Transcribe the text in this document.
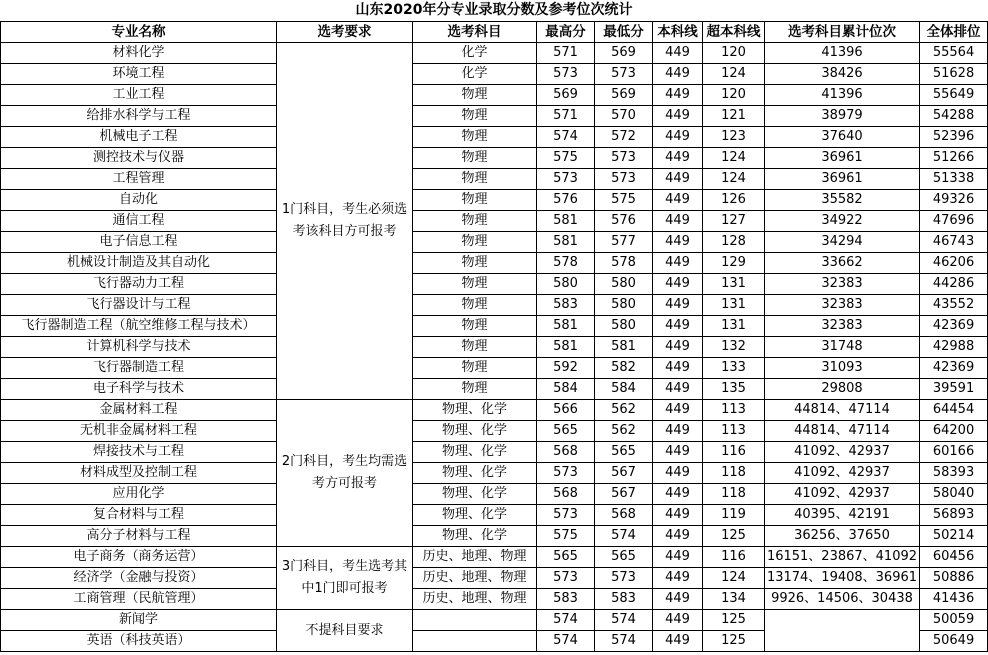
山东2020年分专业录取分数及参考位次统计								
专业名称	选考要求	选考科目	最高分	最低分	本科线	超本科线	选考科目累计位次	全体排位
材料化学	1门科目，考生必须选考该科目方可报考	化学	571	569	449	120	41396	55564
环境工程		化学	573	573	449	124	38426	51628
工业工程		物理	569	569	449	120	41396	55649
给排水科学与工程		物理	571	570	449	121	38979	54288
机械电子工程		物理	574	572	449	123	37640	52396
测控技术与仪器		物理	575	573	449	124	36961	51266
工程管理		物理	573	573	449	124	36961	51338
自动化		物理	576	575	449	126	35582	49326
通信工程		物理	581	576	449	127	34922	47696
电子信息工程		物理	581	577	449	128	34294	46743
机械设计制造及其自动化		物理	578	578	449	129	33662	46206
飞行器动力工程		物理	580	580	449	131	32383	44286
飞行器设计与工程		物理	583	580	449	131	32383	43552
飞行器制造工程（航空维修工程与技术）		物理	581	580	449	131	32383	42369
计算机科学与技术		物理	581	581	449	132	31748	42988
飞行器制造工程		物理	592	582	449	133	31093	42369
电子科学与技术		物理	584	584	449	135	29808	39591
金属材料工程	2门科目，考生均需选考方可报考	物理、化学	566	562	449	113	44814、47114	64454
无机非金属材料工程		物理、化学	565	562	449	113	44814、47114	64200
焊接技术与工程		物理、化学	568	565	449	116	41092、42937	60166
材料成型及控制工程		物理、化学	573	567	449	118	41092、42937	58393
应用化学		物理、化学	568	567	449	118	41092、42937	58040
复合材料与工程		物理、化学	573	568	449	119	40395、42191	56893
高分子材料与工程		物理、化学	575	574	449	125	36256、37650	50214
电子商务（商务运营）	3门科目，考生选考其中1门即可报考	历史、地理、物理	565	565	449	116	16151、23867、41092	60456
经济学（金融与投资）		历史、地理、物理	573	573	449	124	13174、19408、36961	50886
工商管理（民航管理）		历史、地理、物理	583	583	449	134	9926、14506、30438	41436
新闻学	不提科目要求		574	574	449	125		50059
英语（科技英语）			574	574	449	125		50649
